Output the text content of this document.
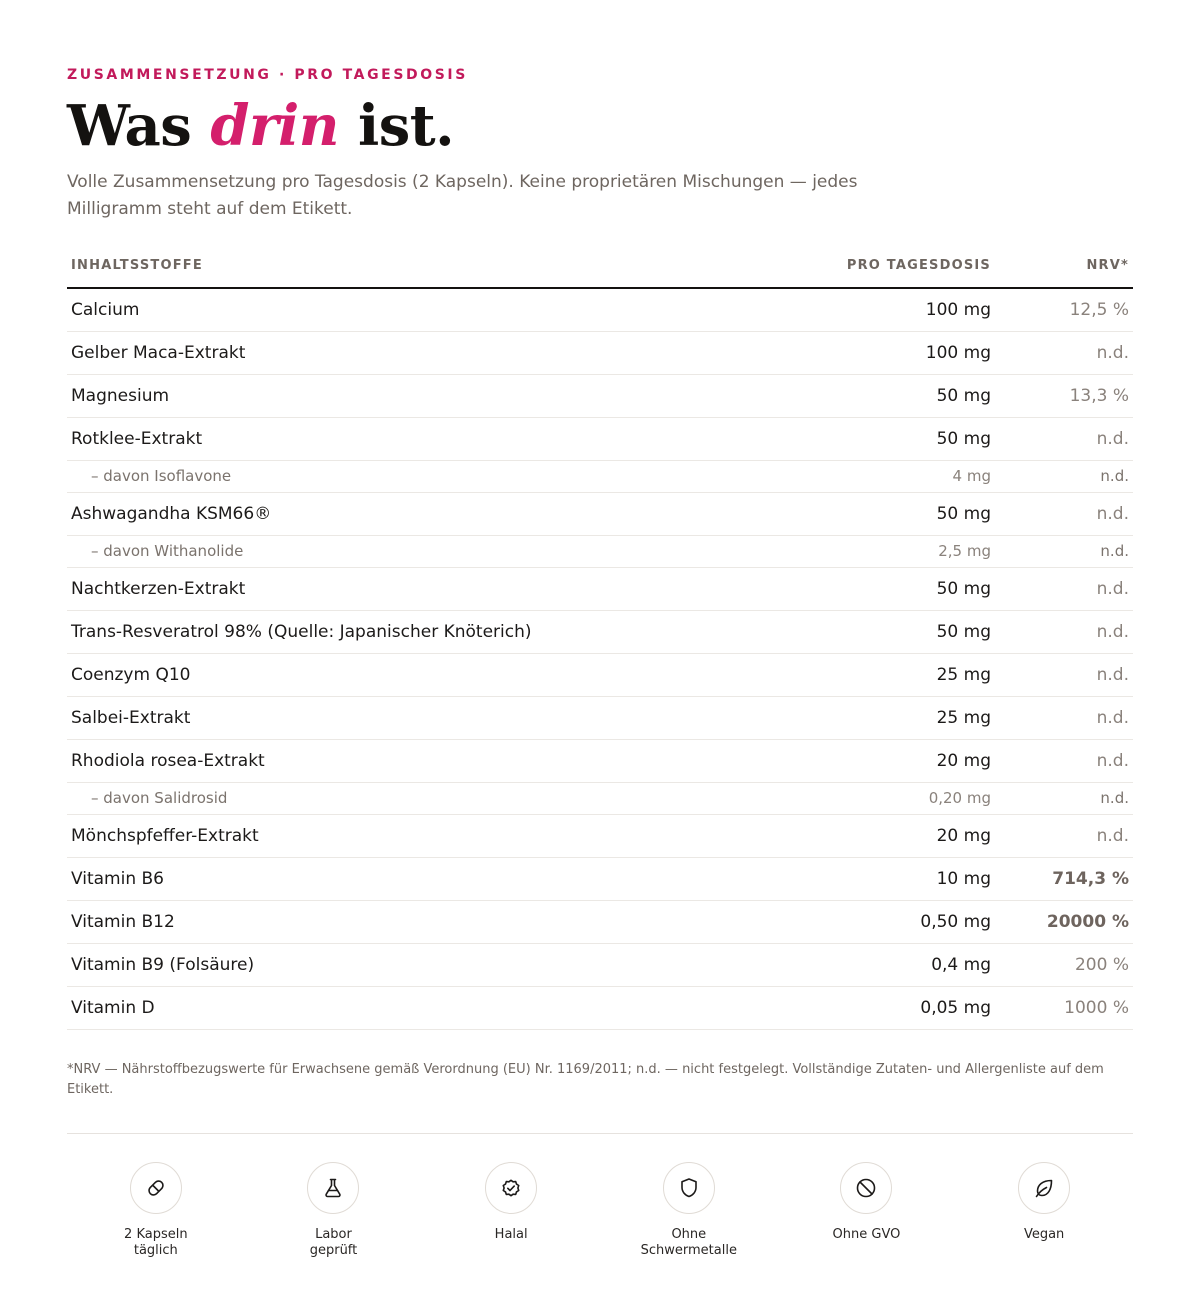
ZUSAMMENSETZUNG · PRO TAGESDOSIS
Was drin ist.

Volle Zusammensetzung pro Tagesdosis (2 Kapseln). Keine proprietären Mischungen — jedes Milligramm steht auf dem Etikett.

INHALTSSTOFFE	PRO TAGESDOSIS	NRV*
Calcium	100 mg	12,5 %
Gelber Maca-Extrakt	100 mg	n.d.
Magnesium	50 mg	13,3 %
Rotklee-Extrakt	50 mg	n.d.
– davon Isoflavone	4 mg	n.d.
Ashwagandha KSM66®	50 mg	n.d.
– davon Withanolide	2,5 mg	n.d.
Nachtkerzen-Extrakt	50 mg	n.d.
Trans-Resveratrol 98% (Quelle: Japanischer Knöterich)	50 mg	n.d.
Coenzym Q10	25 mg	n.d.
Salbei-Extrakt	25 mg	n.d.
Rhodiola rosea-Extrakt	20 mg	n.d.
– davon Salidrosid	0,20 mg	n.d.
Mönchspfeffer-Extrakt	20 mg	n.d.
Vitamin B6	10 mg	714,3 %
Vitamin B12	0,50 mg	20000 %
Vitamin B9 (Folsäure)	0,4 mg	200 %
Vitamin D	0,05 mg	1000 %

*NRV — Nährstoffbezugswerte für Erwachsene gemäß Verordnung (EU) Nr. 1169/2011; n.d. — nicht festgelegt. Vollständige Zutaten- und Allergenliste auf dem Etikett.

2 Kapseln
täglich
Labor
geprüft
Halal	Ohne
Schwermetalle
Ohne GVO	Vegan
